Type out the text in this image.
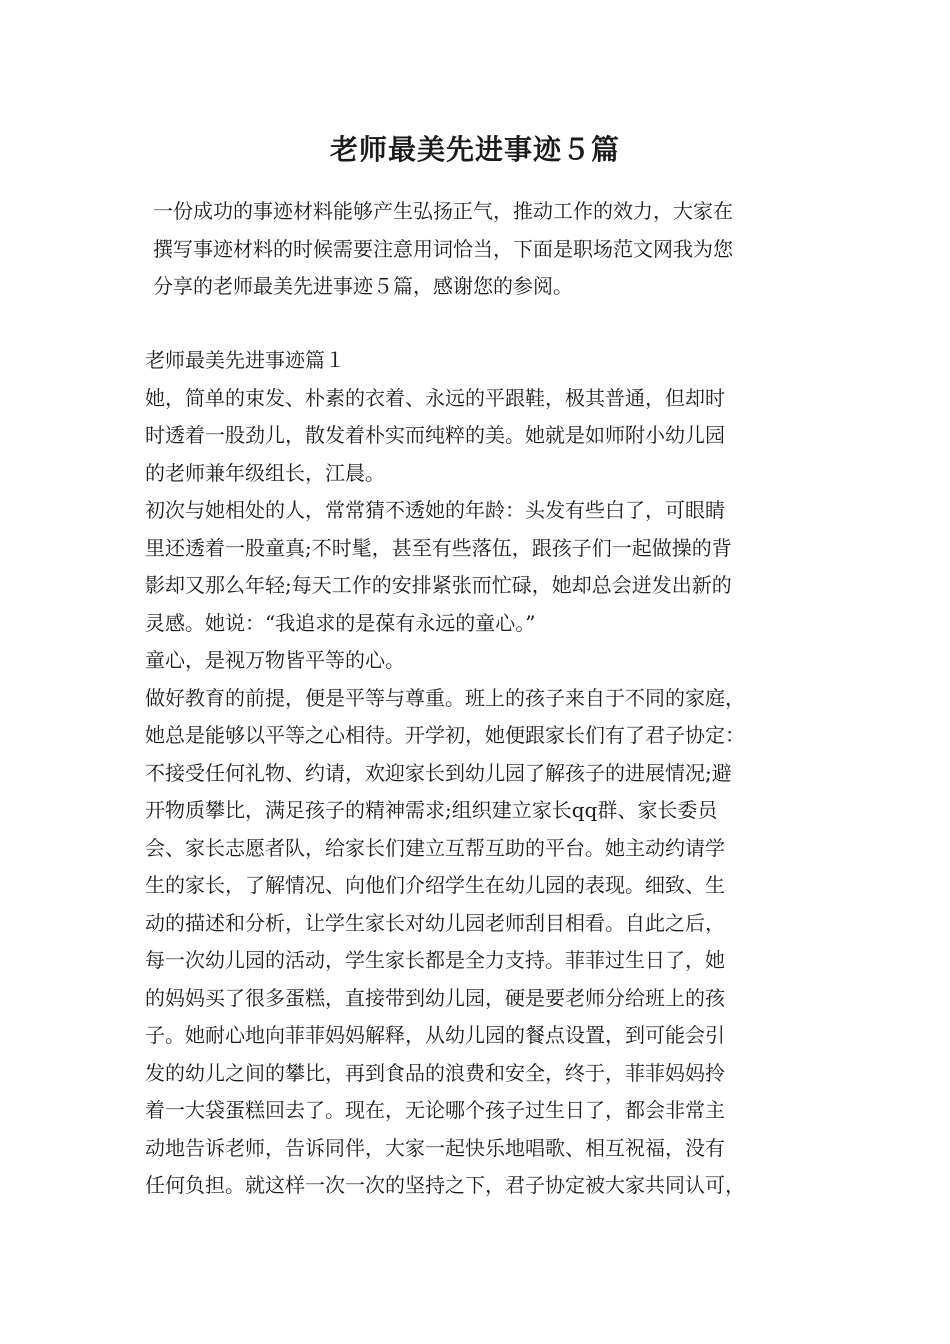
老师最美先进事迹５篇

一份成功的事迹材料能够产生弘扬正气，推动工作的效力，大家在

撰写事迹材料的时候需要注意用词恰当，下面是职场范文网我为您

分享的老师最美先进事迹５篇，感谢您的参阅。

老师最美先进事迹篇１

她，简单的束发、朴素的衣着、永远的平跟鞋，极其普通，但却时

时透着一股劲儿，散发着朴实而纯粹的美。她就是如师附小幼儿园

的老师兼年级组长，江晨。

初次与她相处的人，常常猜不透她的年龄：头发有些白了，可眼睛

里还透着一股童真;不时髦，甚至有些落伍，跟孩子们一起做操的背

影却又那么年轻;每天工作的安排紧张而忙碌，她却总会迸发出新的

灵感。她说：“我追求的是葆有永远的童心。”

童心，是视万物皆平等的心。

做好教育的前提，便是平等与尊重。班上的孩子来自于不同的家庭，

她总是能够以平等之心相待。开学初，她便跟家长们有了君子协定：

不接受任何礼物、约请，欢迎家长到幼儿园了解孩子的进展情况;避

开物质攀比，满足孩子的精神需求;组织建立家长qq群、家长委员

会、家长志愿者队，给家长们建立互帮互助的平台。她主动约请学

生的家长，了解情况、向他们介绍学生在幼儿园的表现。细致、生

动的描述和分析，让学生家长对幼儿园老师刮目相看。自此之后，

每一次幼儿园的活动，学生家长都是全力支持。菲菲过生日了，她

的妈妈买了很多蛋糕，直接带到幼儿园，硬是要老师分给班上的孩

子。她耐心地向菲菲妈妈解释，从幼儿园的餐点设置，到可能会引

发的幼儿之间的攀比，再到食品的浪费和安全，终于，菲菲妈妈拎

着一大袋蛋糕回去了。现在，无论哪个孩子过生日了，都会非常主

动地告诉老师，告诉同伴，大家一起快乐地唱歌、相互祝福，没有

任何负担。就这样一次一次的坚持之下，君子协定被大家共同认可，
